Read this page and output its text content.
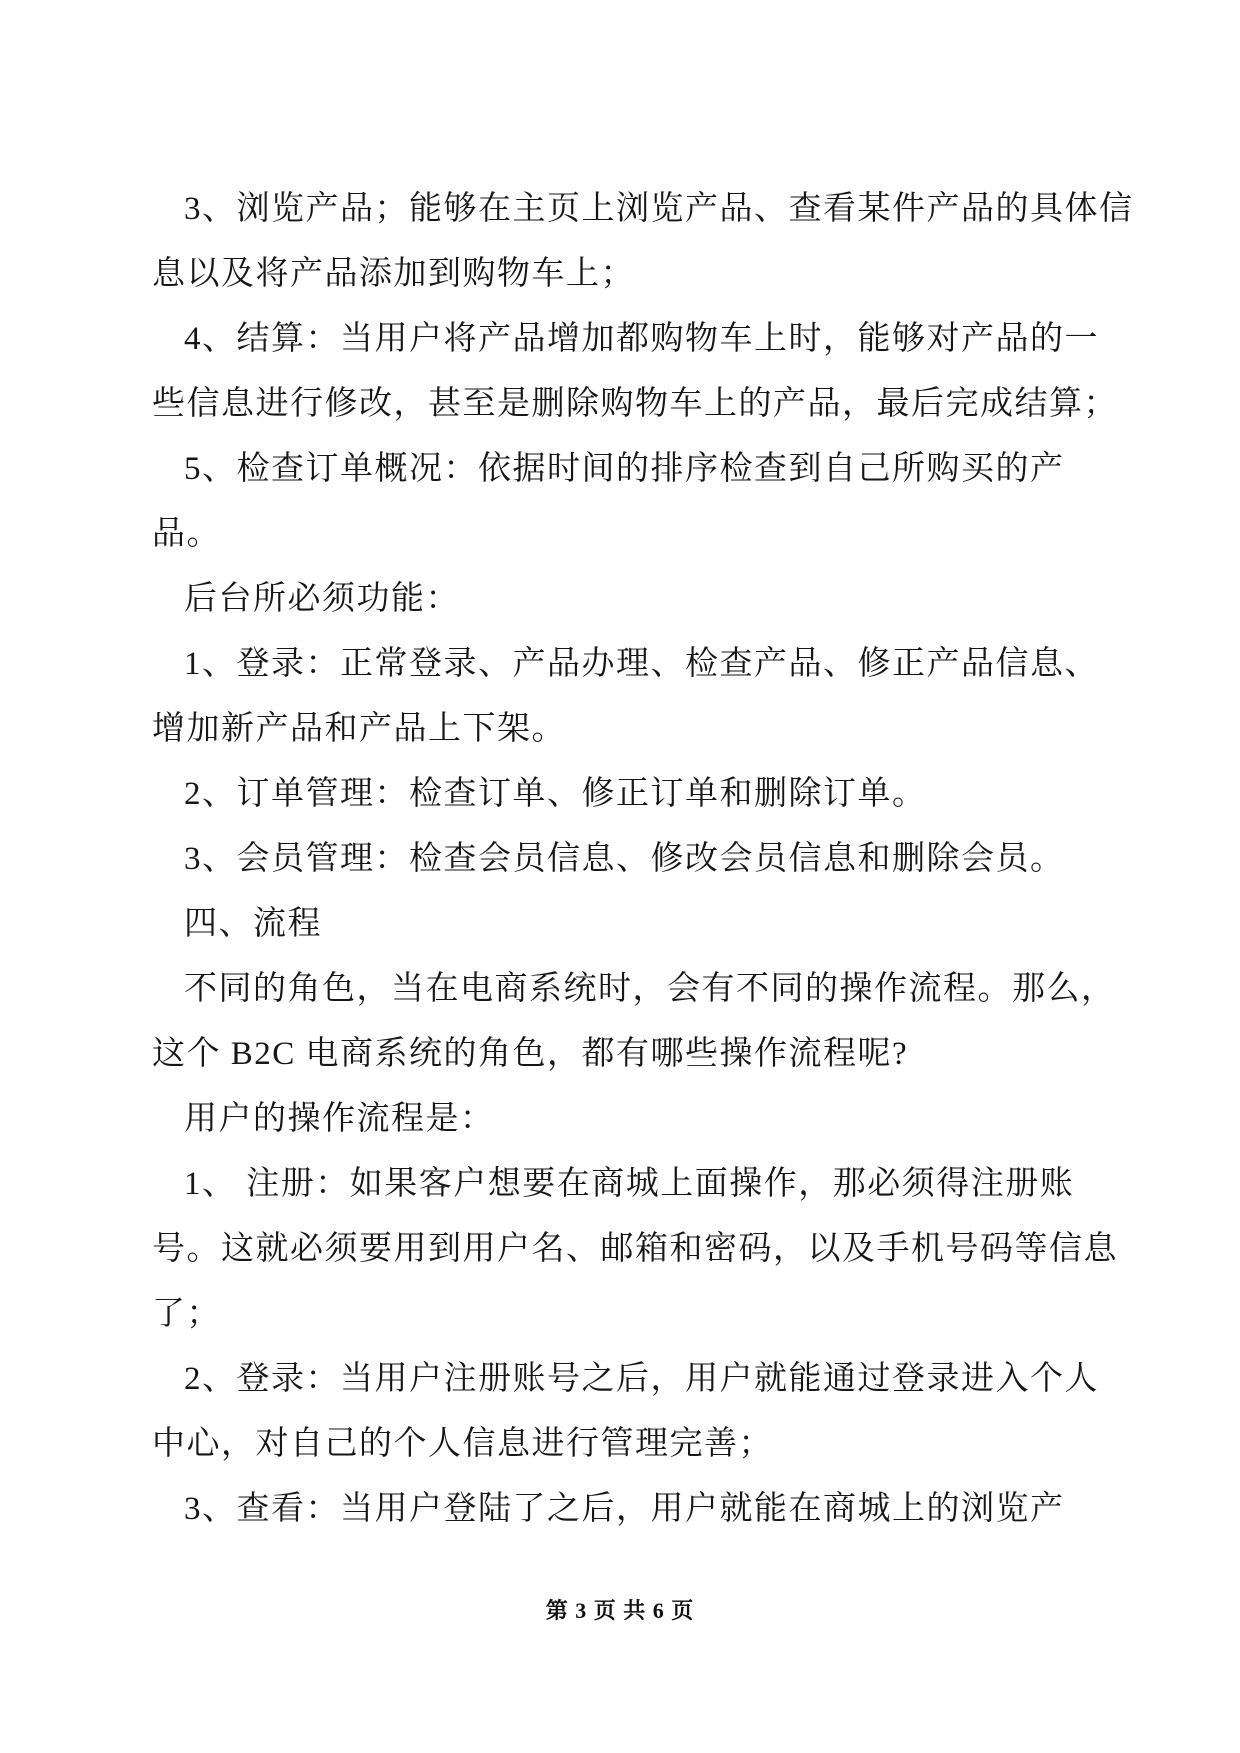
3、浏览产品；能够在主页上浏览产品、查看某件产品的具体信
息以及将产品添加到购物车上；
4、结算：当用户将产品增加都购物车上时，能够对产品的一
些信息进行修改，甚至是删除购物车上的产品，最后完成结算；
5、检查订单概况：依据时间的排序检查到自己所购买的产
品。
后台所必须功能：
1、登录：正常登录、产品办理、检查产品、修正产品信息、
增加新产品和产品上下架。
2、订单管理：检查订单、修正订单和删除订单。
3、会员管理：检查会员信息、修改会员信息和删除会员。
四、流程
不同的角色，当在电商系统时，会有不同的操作流程。那么，
这个 B2C 电商系统的角色，都有哪些操作流程呢?
用户的操作流程是：
1、 注册：如果客户想要在商城上面操作，那必须得注册账
号。这就必须要用到用户名、邮箱和密码，以及手机号码等信息
了；
2、登录：当用户注册账号之后，用户就能通过登录进入个人
中心，对自己的个人信息进行管理完善；
3、查看：当用户登陆了之后，用户就能在商城上的浏览产
第 3 页 共 6 页
